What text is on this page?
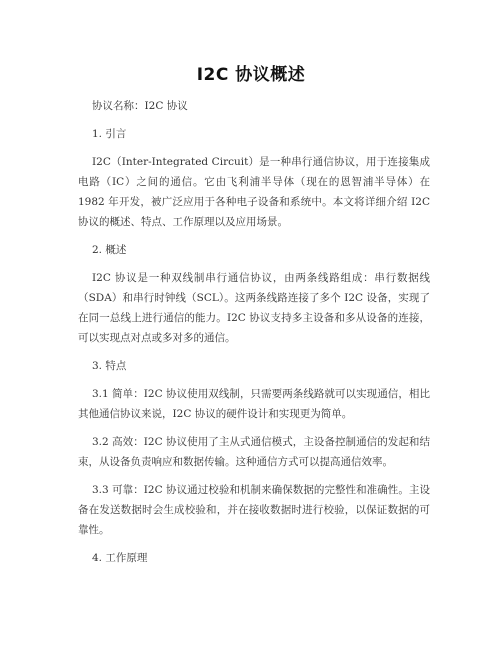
I2C 协议概述

协议名称：I2C 协议

1. 引言

I2C（Inter-Integrated Circuit）是一种串行通信协议，用于连接集成电路（IC）之间的通信。它由飞利浦半导体（现在的恩智浦半导体）在 1982 年开发，被广泛应用于各种电子设备和系统中。本文将详细介绍 I2C 协议的概述、特点、工作原理以及应用场景。

2. 概述

I2C 协议是一种双线制串行通信协议，由两条线路组成：串行数据线（SDA）和串行时钟线（SCL）。这两条线路连接了多个 I2C 设备，实现了在同一总线上进行通信的能力。I2C 协议支持多主设备和多从设备的连接，可以实现点对点或多对多的通信。

3. 特点

3.1 简单：I2C 协议使用双线制，只需要两条线路就可以实现通信，相比其他通信协议来说，I2C 协议的硬件设计和实现更为简单。

3.2 高效：I2C 协议使用了主从式通信模式，主设备控制通信的发起和结束，从设备负责响应和数据传输。这种通信方式可以提高通信效率。

3.3 可靠：I2C 协议通过校验和机制来确保数据的完整性和准确性。主设备在发送数据时会生成校验和，并在接收数据时进行校验，以保证数据的可靠性。

4. 工作原理
